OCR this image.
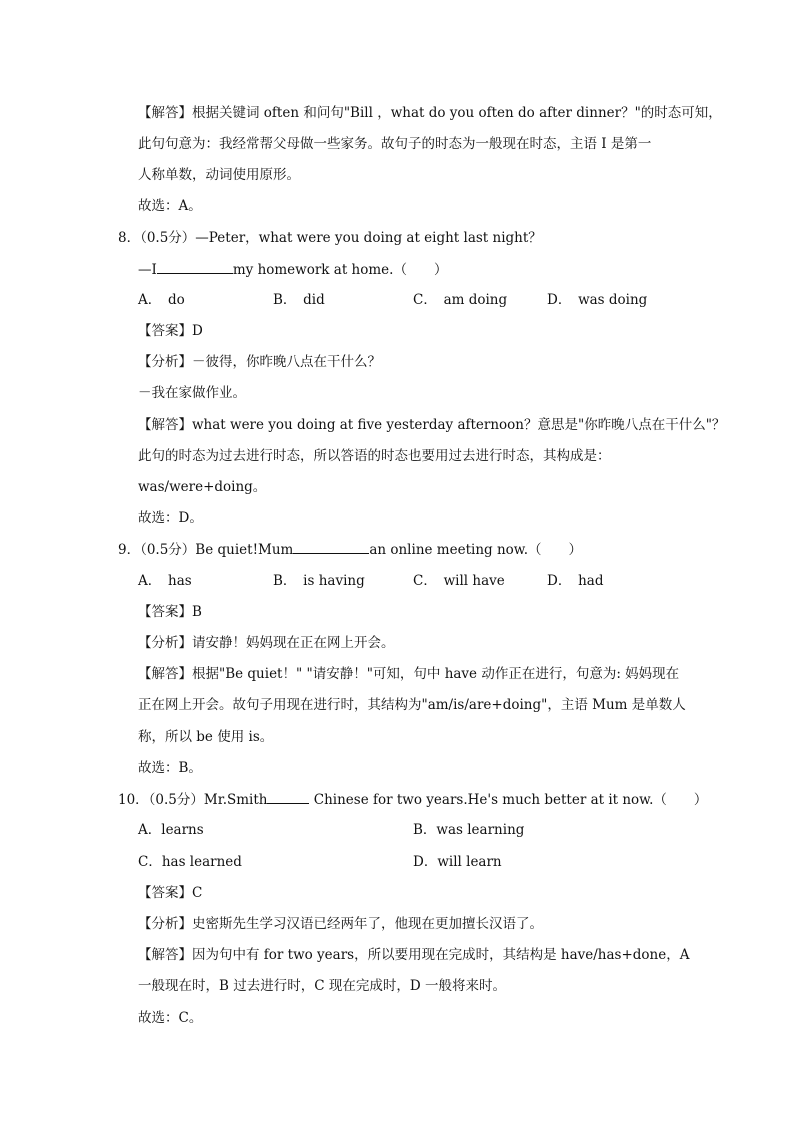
【解答】根据关键词 often 和问句"Bill ，what do you often do after dinner？"的时态可知，
此句句意为：我经常帮父母做一些家务。故句子的时态为一般现在时态，主语 I 是第一
人称单数，动词使用原形。
故选：A。
8．（0.5分）—Peter，what were you doing at eight last night？
—I	my homework at home.（　　）
A．　do	B．　did	C．　am doing	D．　was doing
【答案】D
【分析】－彼得，你昨晚八点在干什么？
－我在家做作业。
【解答】what were you doing at five yesterday afternoon？意思是"你昨晚八点在干什么"？
此句的时态为过去进行时态，所以答语的时态也要用过去进行时态，其构成是：
was/were+doing。
故选：D。
9．（0.5分）Be quiet!Mum	an online meeting now.（　　）
A．　has	B．　is having	C．　will have	D．　had
【答案】B
【分析】请安静！妈妈现在正在网上开会。
【解答】根据"Be quiet！" "请安静！"可知，句中 have 动作正在进行，句意为: 妈妈现在
正在网上开会。故句子用现在进行时，其结构为"am/is/are+doing"，主语 Mum 是单数人
称，所以 be 使用 is。
故选：B。
10．（0.5分）Mr.Smith	Chinese for two years.He's much better at it now.（　　）
A．learns	B．was learning
C．has learned	D．will learn
【答案】C
【分析】史密斯先生学习汉语已经两年了，他现在更加擅长汉语了。
【解答】因为句中有 for two years，所以要用现在完成时，其结构是 have/has+done，A
一般现在时，B 过去进行时，C 现在完成时，D 一般将来时。
故选：C。
